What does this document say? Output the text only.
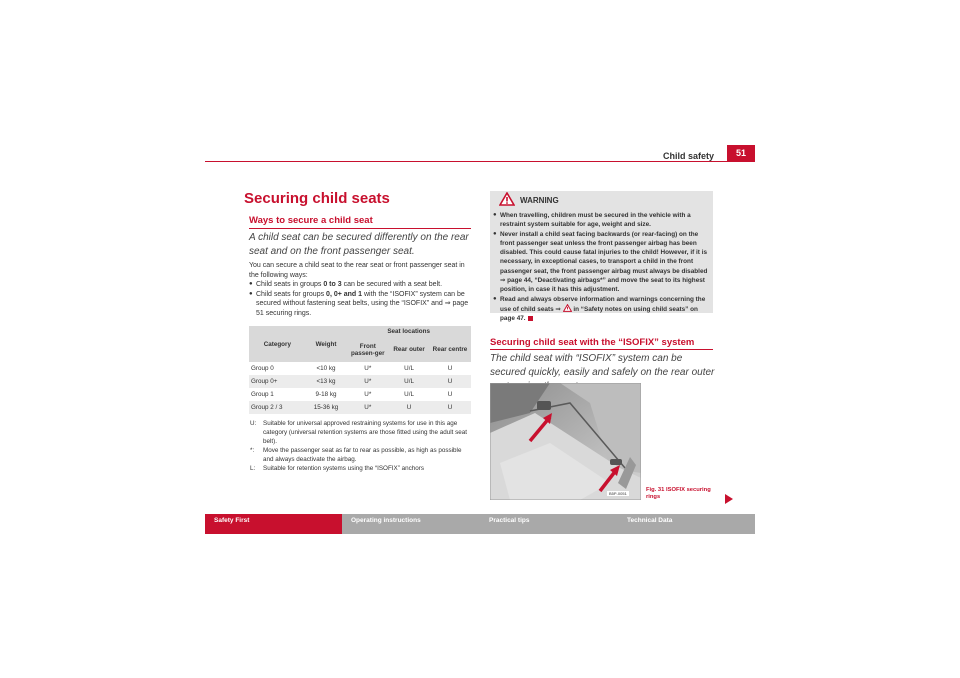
Child safety	51
Securing child seats
Ways to secure a child seat
A child seat can be secured differently on the rear seat and on the front passenger seat.
You can secure a child seat to the rear seat or front passenger seat in the following ways:
● Child seats in groups 0 to 3 can be secured with a seat belt.
● Child seats for groups 0, 0+ and 1 with the “ISOFIX” system can be secured without fastening seat belts, using the “ISOFIX” and ⇒ page 51 securing rings.
Category	Weight	Seat locations		
		Front passen-ger	Rear outer	Rear centre
Group 0	<10 kg	U*	U/L	U
Group 0+	<13 kg	U*	U/L	U
Group 1	9-18 kg	U*	U/L	U
Group 2 / 3	15-36 kg	U*	U	U
U:	Suitable for universal approved restraining systems for use in this age category (universal retention systems are those fitted using the adult seat belt).
*:	Move the passenger seat as far to rear as possible, as high as possible and always deactivate the airbag.
L:	Suitable for retention systems using the “ISOFIX” anchors
WARNING
● When travelling, children must be secured in the vehicle with a restraint system suitable for age, weight and size.
● Never install a child seat facing backwards (or rear-facing) on the front passenger seat unless the front passenger airbag has been disabled. This could cause fatal injuries to the child! However, if it is necessary, in exceptional cases, to transport a child in the front passenger seat, the front passenger airbag must always be disabled ⇒ page 44, “Deactivating airbags*” and move the seat to its highest position, in case it has this adjustment.
● Read and always observe information and warnings concerning the use of child seats ⇒  in “Safety notes on using child seats” on page 47.
Securing child seat with the “ISOFIX” system
The child seat with “ISOFIX” system can be secured quickly, easily and safely on the rear outer
B5P-0051
Fig. 31 ISOFIX securing rings
Safety First	Operating instructions	Practical tips	Technical Data
